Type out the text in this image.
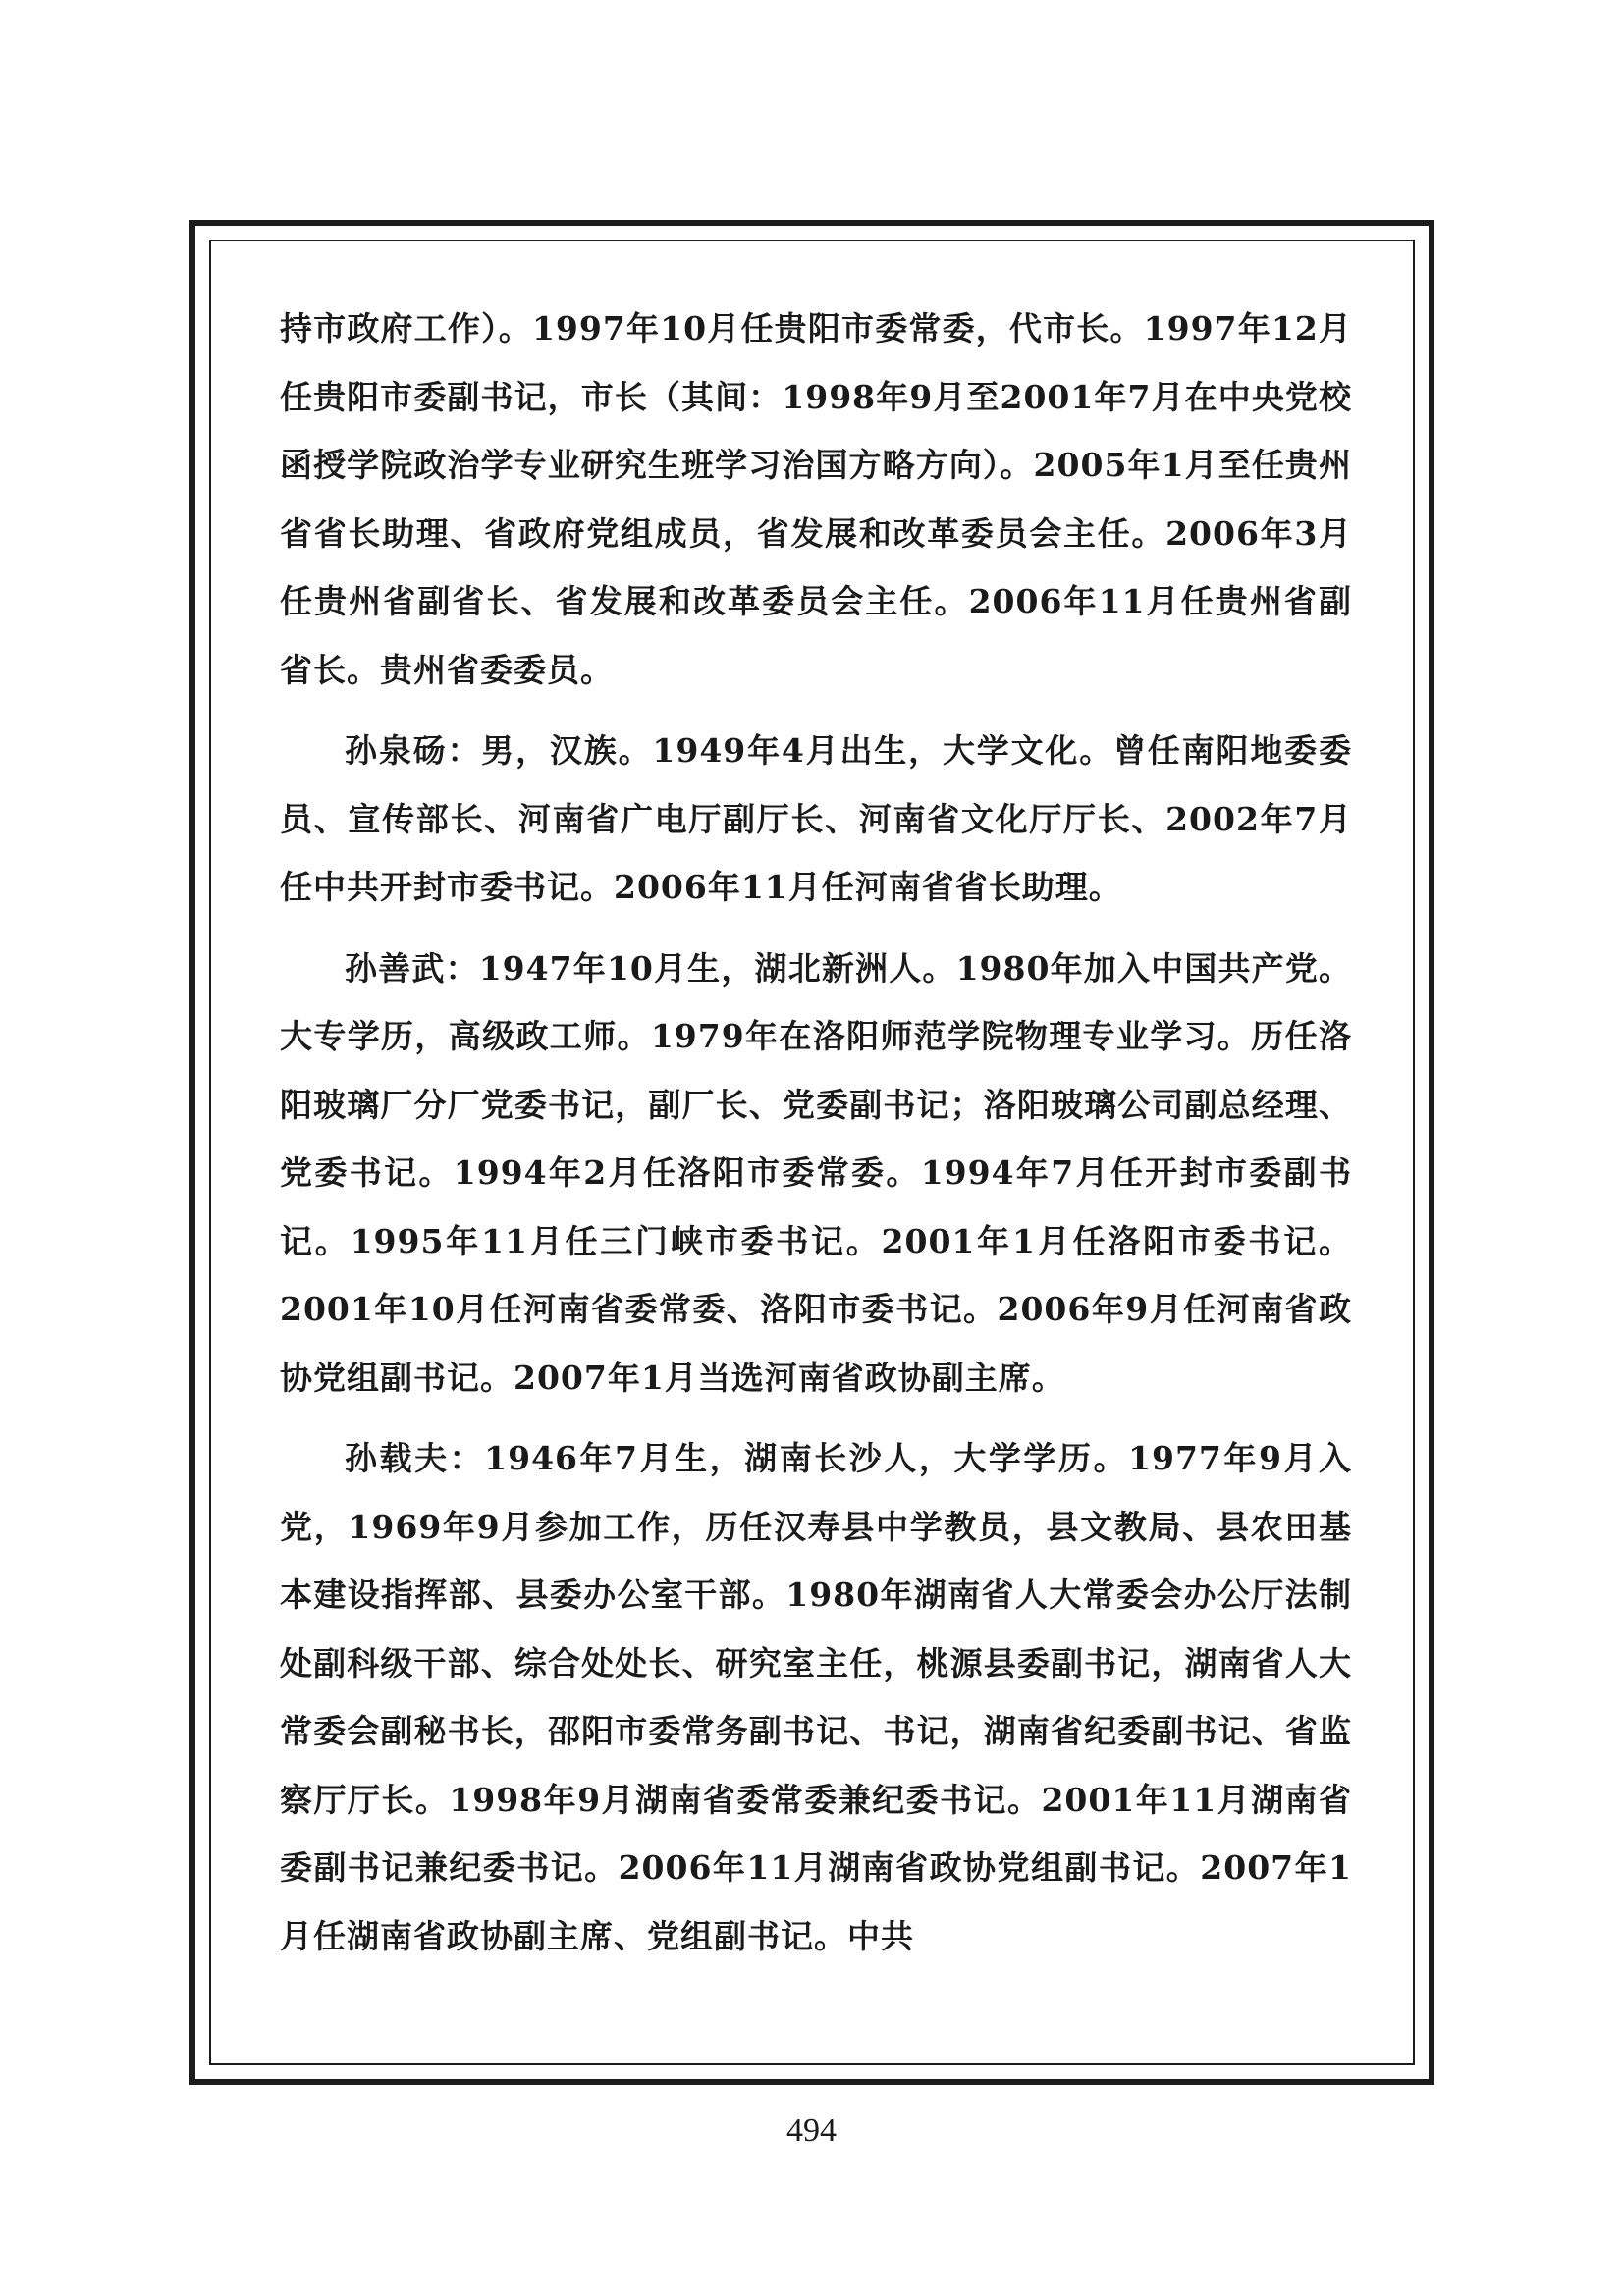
持市政府工作）。1997年10月任贵阳市委常委，代市长。1997年12月任贵阳市委副书记，市长（其间：1998年9月至2001年7月在中央党校函授学院政治学专业研究生班学习治国方略方向）。2005年1月至任贵州省省长助理、省政府党组成员，省发展和改革委员会主任。2006年3月任贵州省副省长、省发展和改革委员会主任。2006年11月任贵州省副省长。贵州省委委员。

孙泉砀：男，汉族。1949年4月出生，大学文化。曾任南阳地委委员、宣传部长、河南省广电厅副厅长、河南省文化厅厅长、2002年7月任中共开封市委书记。2006年11月任河南省省长助理。

孙善武：1947年10月生，湖北新洲人。1980年加入中国共产党。大专学历，高级政工师。1979年在洛阳师范学院物理专业学习。历任洛阳玻璃厂分厂党委书记，副厂长、党委副书记；洛阳玻璃公司副总经理、党委书记。1994年2月任洛阳市委常委。1994年7月任开封市委副书记。1995年11月任三门峡市委书记。2001年1月任洛阳市委书记。2001年10月任河南省委常委、洛阳市委书记。2006年9月任河南省政协党组副书记。2007年1月当选河南省政协副主席。

孙载夫：1946年7月生，湖南长沙人，大学学历。1977年9月入党，1969年9月参加工作，历任汉寿县中学教员，县文教局、县农田基本建设指挥部、县委办公室干部。1980年湖南省人大常委会办公厅法制处副科级干部、综合处处长、研究室主任，桃源县委副书记，湖南省人大常委会副秘书长，邵阳市委常务副书记、书记，湖南省纪委副书记、省监察厅厅长。1998年9月湖南省委常委兼纪委书记。2001年11月湖南省委副书记兼纪委书记。2006年11月湖南省政协党组副书记。2007年1月任湖南省政协副主席、党组副书记。中共

494
